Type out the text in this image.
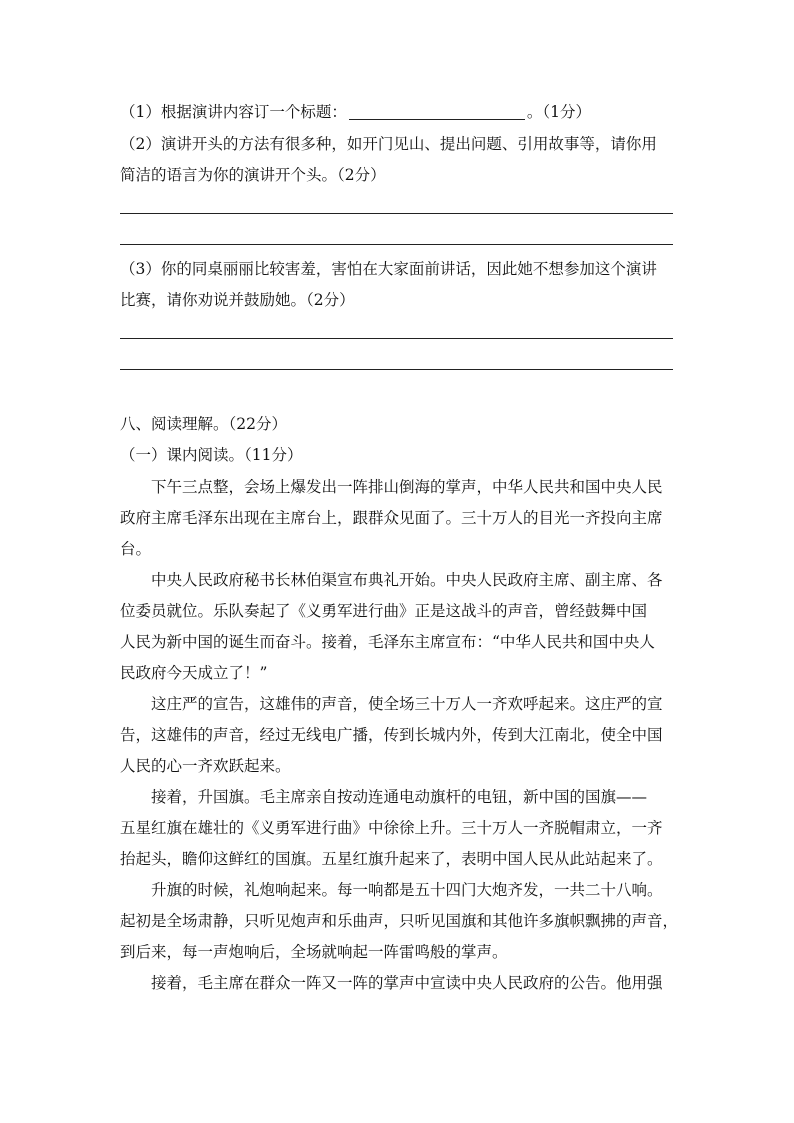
（1）根据演讲内容订一个标题：	。（1分）
（2）演讲开头的方法有很多种，如开门见山、提出问题、引用故事等，请你用
简洁的语言为你的演讲开个头。（2分）
（3）你的同桌丽丽比较害羞，害怕在大家面前讲话，因此她不想参加这个演讲
比赛，请你劝说并鼓励她。（2分）
八、阅读理解。（22分）
（一）课内阅读。（11分）
　　下午三点整，会场上爆发出一阵排山倒海的掌声，中华人民共和国中央人民
政府主席毛泽东出现在主席台上，跟群众见面了。三十万人的目光一齐投向主席
台。
　　中央人民政府秘书长林伯渠宣布典礼开始。中央人民政府主席、副主席、各
位委员就位。乐队奏起了《义勇军进行曲》正是这战斗的声音，曾经鼓舞中国
人民为新中国的诞生而奋斗。接着，毛泽东主席宣布：“中华人民共和国中央人
民政府今天成立了！”
　　这庄严的宣告，这雄伟的声音，使全场三十万人一齐欢呼起来。这庄严的宣
告，这雄伟的声音，经过无线电广播，传到长城内外，传到大江南北，使全中国
人民的心一齐欢跃起来。
　　接着，升国旗。毛主席亲自按动连通电动旗杆的电钮，新中国的国旗——
五星红旗在雄壮的《义勇军进行曲》中徐徐上升。三十万人一齐脱帽肃立，一齐
抬起头，瞻仰这鲜红的国旗。五星红旗升起来了，表明中国人民从此站起来了。
　　升旗的时候，礼炮响起来。每一响都是五十四门大炮齐发，一共二十八响。
起初是全场肃静，只听见炮声和乐曲声，只听见国旗和其他许多旗帜飘拂的声音，
到后来，每一声炮响后，全场就响起一阵雷鸣般的掌声。
　　接着，毛主席在群众一阵又一阵的掌声中宣读中央人民政府的公告。他用强
